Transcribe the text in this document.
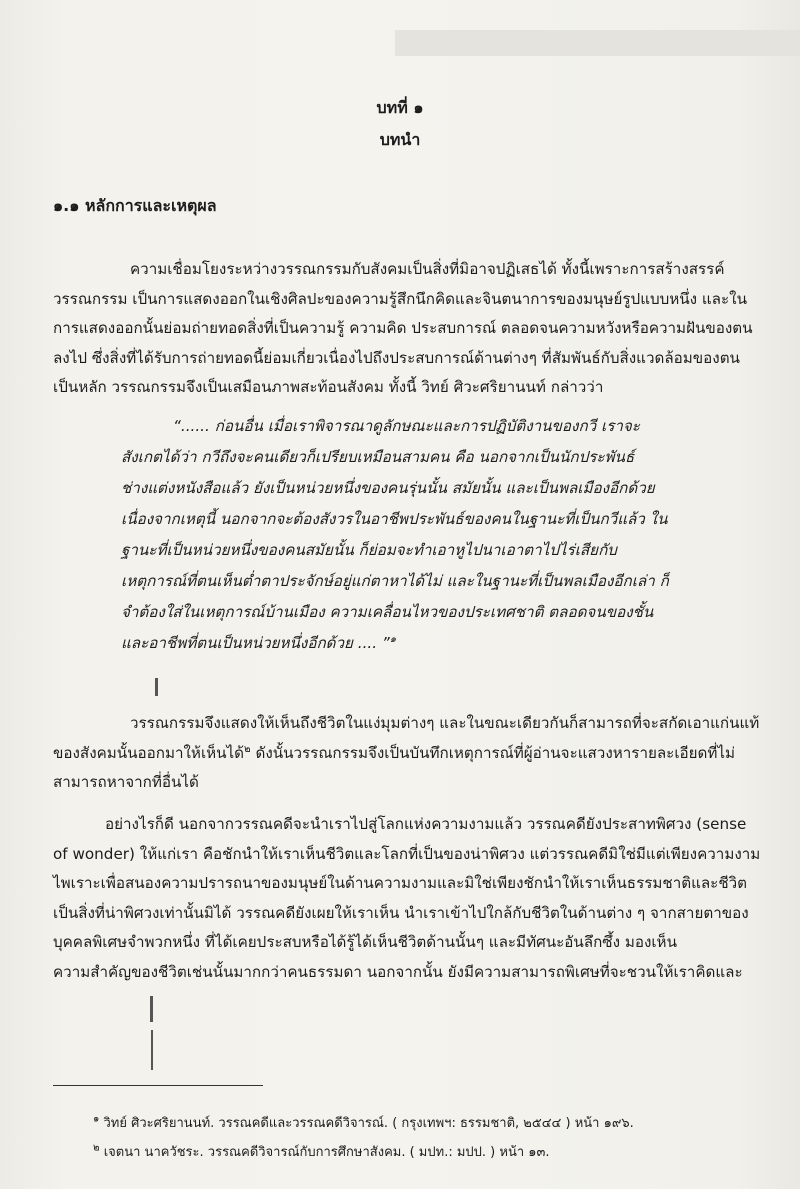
บทที่ ๑
บทนำ
๑.๑ หลักการและเหตุผล
ความเชื่อมโยงระหว่างวรรณกรรมกับสังคมเป็นสิ่งที่มิอาจปฏิเสธได้ ทั้งนี้เพราะการสร้างสรรค์
วรรณกรรม เป็นการแสดงออกในเชิงศิลปะของความรู้สึกนึกคิดและจินตนาการของมนุษย์รูปแบบหนึ่ง และใน
การแสดงออกนั้นย่อมถ่ายทอดสิ่งที่เป็นความรู้ ความคิด ประสบการณ์ ตลอดจนความหวังหรือความฝันของตน
ลงไป ซึ่งสิ่งที่ได้รับการถ่ายทอดนี้ย่อมเกี่ยวเนื่องไปถึงประสบการณ์ด้านต่างๆ ที่สัมพันธ์กับสิ่งแวดล้อมของตน
เป็นหลัก วรรณกรรมจึงเป็นเสมือนภาพสะท้อนสังคม ทั้งนี้ วิทย์ ศิวะศริยานนท์ กล่าวว่า
“...... ก่อนอื่น เมื่อเราพิจารณาดูลักษณะและการปฏิบัติงานของกวี เราจะ
สังเกตได้ว่า กวีถึงจะคนเดียวก็เปรียบเหมือนสามคน คือ นอกจากเป็นนักประพันธ์
ช่างแต่งหนังสือแล้ว ยังเป็นหน่วยหนึ่งของคนรุ่นนั้น สมัยนั้น และเป็นพลเมืองอีกด้วย
เนื่องจากเหตุนี้ นอกจากจะต้องสังวรในอาชีพประพันธ์ของคนในฐานะที่เป็นกวีแล้ว ใน
ฐานะที่เป็นหน่วยหนึ่งของคนสมัยนั้น ก็ย่อมจะทำเอาหูไปนาเอาตาไปไร่เสียกับ
เหตุการณ์ที่ตนเห็นต่ำตาประจักษ์อยู่แก่ตาหาได้ไม่ และในฐานะที่เป็นพลเมืองอีกเล่า ก็
จำต้องใส่ในเหตุการณ์บ้านเมือง ความเคลื่อนไหวของประเทศชาติ ตลอดจนของชั้น
และอาชีพที่ตนเป็นหน่วยหนึ่งอีกด้วย .... ”$^๑$
วรรณกรรมจึงแสดงให้เห็นถึงชีวิตในแง่มุมต่างๆ และในขณะเดียวกันก็สามารถที่จะสกัดเอาแก่นแท้
ของสังคมนั้นออกมาให้เห็นได้$^๒$ ดังนั้นวรรณกรรมจึงเป็นบันทึกเหตุการณ์ที่ผู้อ่านจะแสวงหารายละเอียดที่ไม่
สามารถหาจากที่อื่นได้
อย่างไรก็ดี นอกจากวรรณคดีจะนำเราไปสู่โลกแห่งความงามแล้ว วรรณคดียังประสาทพิศวง (sense
of wonder) ให้แก่เรา คือชักนำให้เราเห็นชีวิตและโลกที่เป็นของน่าพิศวง แต่วรรณคดีมิใช่มีแต่เพียงความงาม
ไพเราะเพื่อสนองความปรารถนาของมนุษย์ในด้านความงามและมิใช่เพียงชักนำให้เราเห็นธรรมชาติและชีวิต
เป็นสิ่งที่น่าพิศวงเท่านั้นมิได้ วรรณคดียังเผยให้เราเห็น นำเราเข้าไปใกล้กับชีวิตในด้านต่าง ๆ จากสายตาของ
บุคคลพิเศษจำพวกหนึ่ง ที่ได้เคยประสบหรือได้รู้ได้เห็นชีวิตด้านนั้นๆ และมีทัศนะอันลึกซึ้ง มองเห็น
ความสำคัญของชีวิตเช่นนั้นมากกว่าคนธรรมดา นอกจากนั้น ยังมีความสามารถพิเศษที่จะชวนให้เราคิดและ
$^๑$ วิทย์ ศิวะศริยานนท์. วรรณคดีและวรรณคดีวิจารณ์. ( กรุงเทพฯ: ธรรมชาติ, ๒๕๔๔ ) หน้า ๑๙๖.
$^๒$ เจตนา นาควัชระ. วรรณคดีวิจารณ์กับการศึกษาสังคม. ( มปท.: มปป. ) หน้า ๑๓.
